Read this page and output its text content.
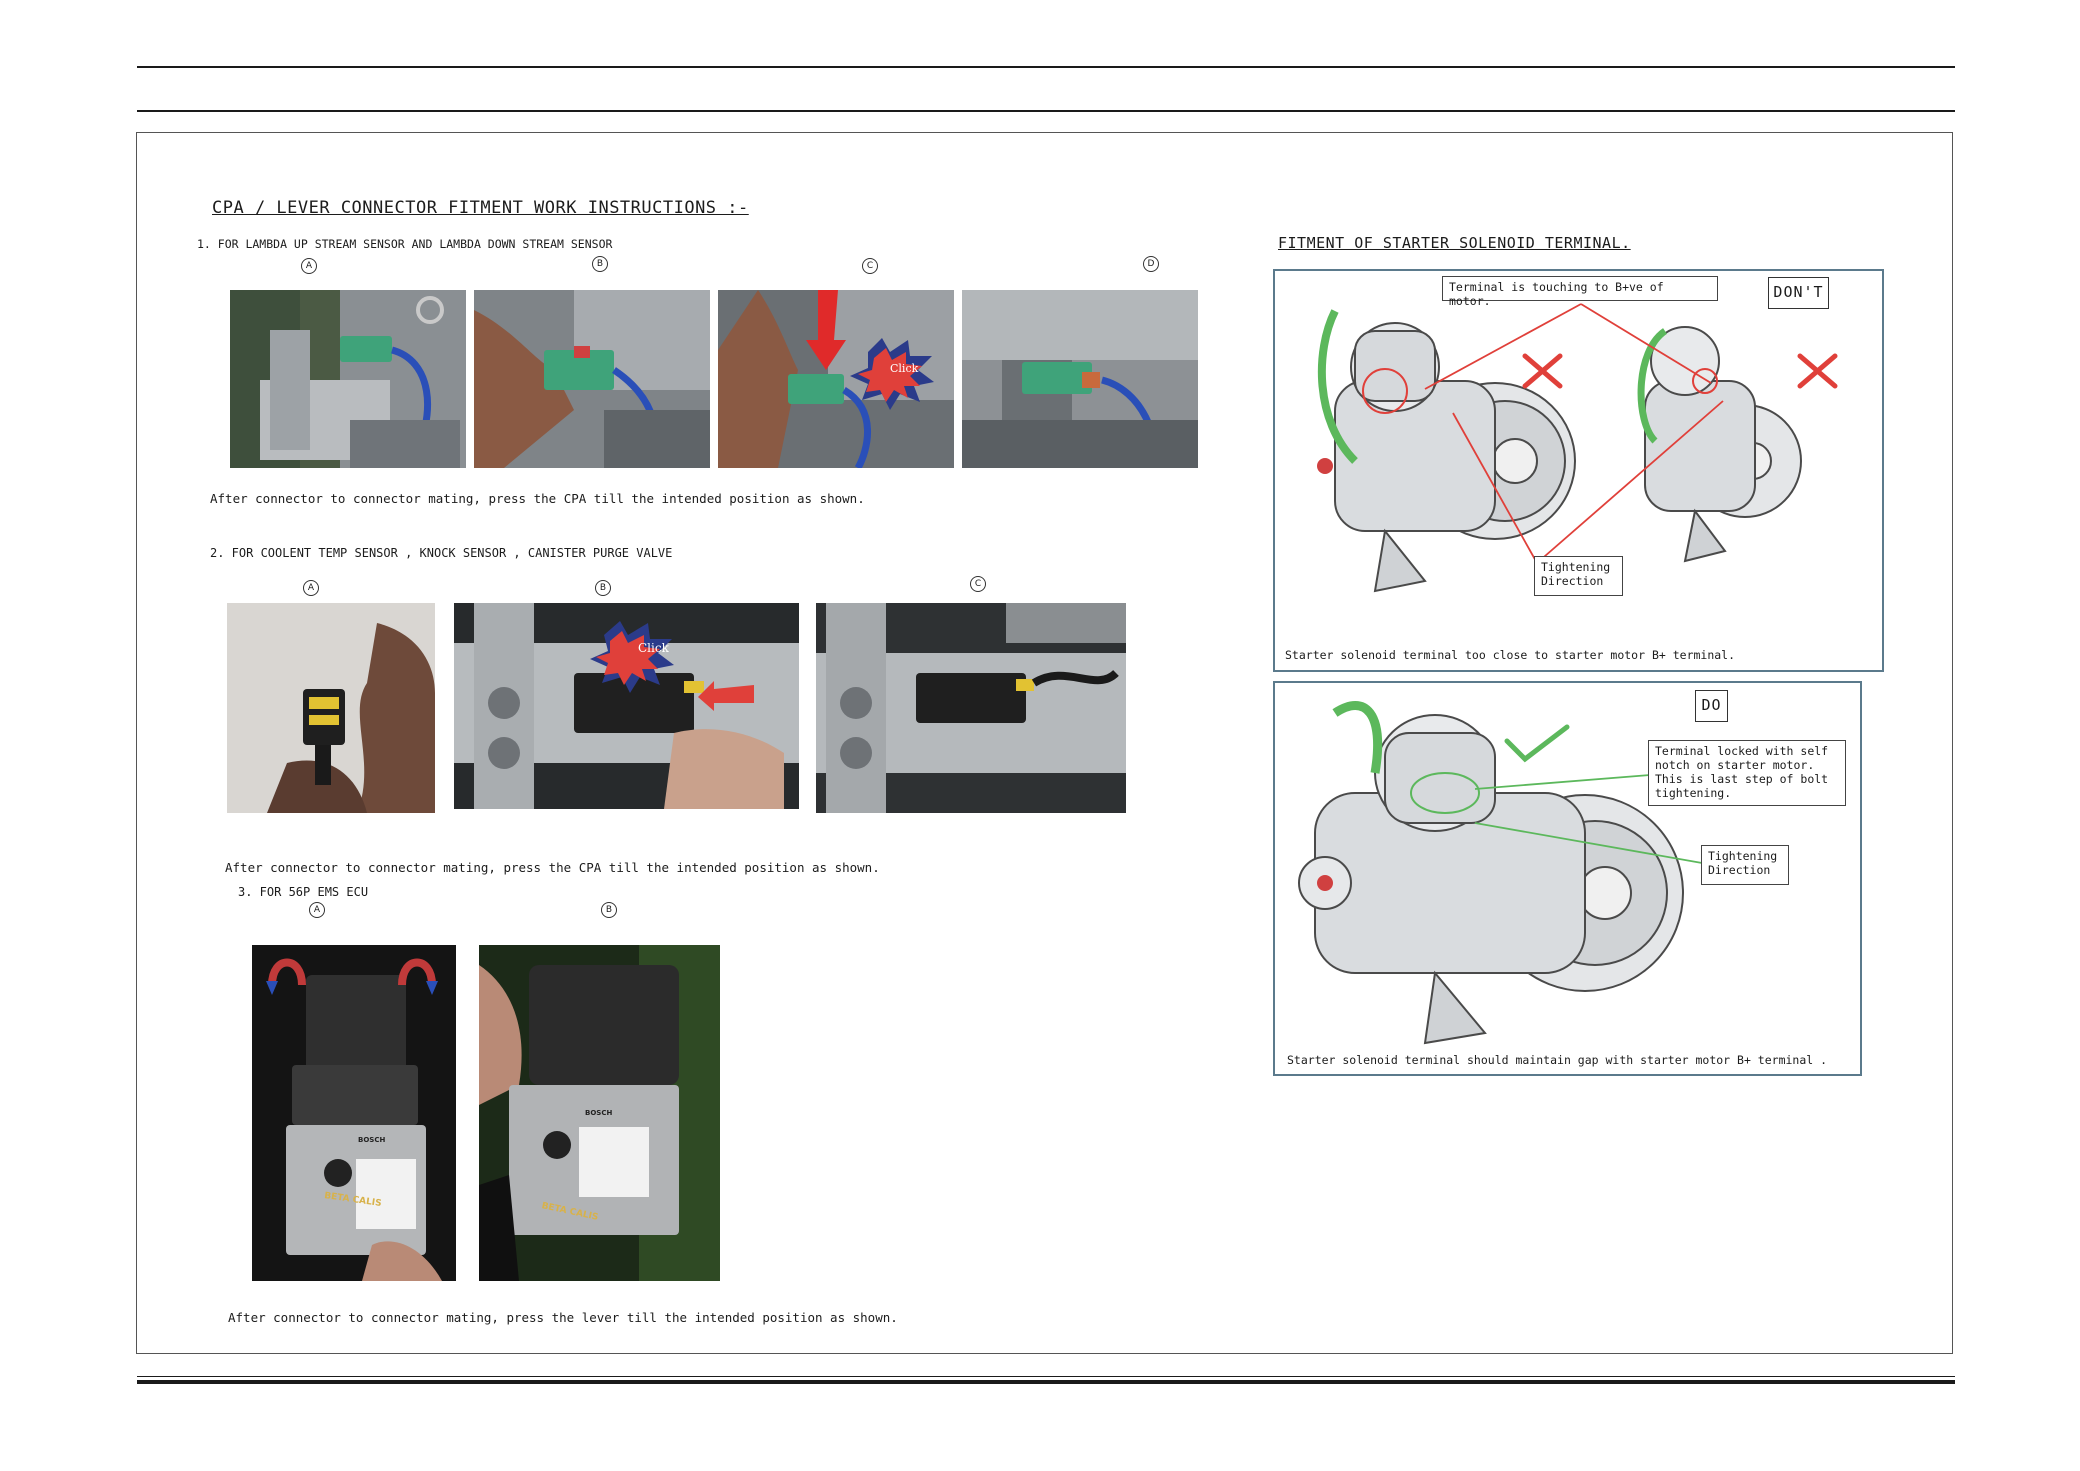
CPA / LEVER CONNECTOR FITMENT WORK INSTRUCTIONS :-
1. FOR LAMBDA UP STREAM SENSOR AND LAMBDA DOWN STREAM SENSOR
A	B	C	D
Click
After connector to connector mating, press the CPA till the intended position as shown.
2. FOR COOLENT TEMP SENSOR , KNOCK SENSOR , CANISTER PURGE VALVE
A	B	C
Click
After connector to connector mating, press the CPA till the intended position as shown.
3. FOR 56P EMS ECU
A	B
BOSCH
BETA CALIS
BOSCH
BETA CALIS
After connector to connector mating, press the lever till the intended position as shown.
FITMENT OF STARTER SOLENOID TERMINAL.
Terminal is touching to B+ve of motor.	DON'T
Tightening
Direction
Starter solenoid terminal too close to starter motor B+ terminal.
DO
Terminal locked with self
notch on starter motor.
This is last step of bolt
tightening.
Tightening
Direction
Starter solenoid terminal should maintain gap with starter motor B+ terminal .
